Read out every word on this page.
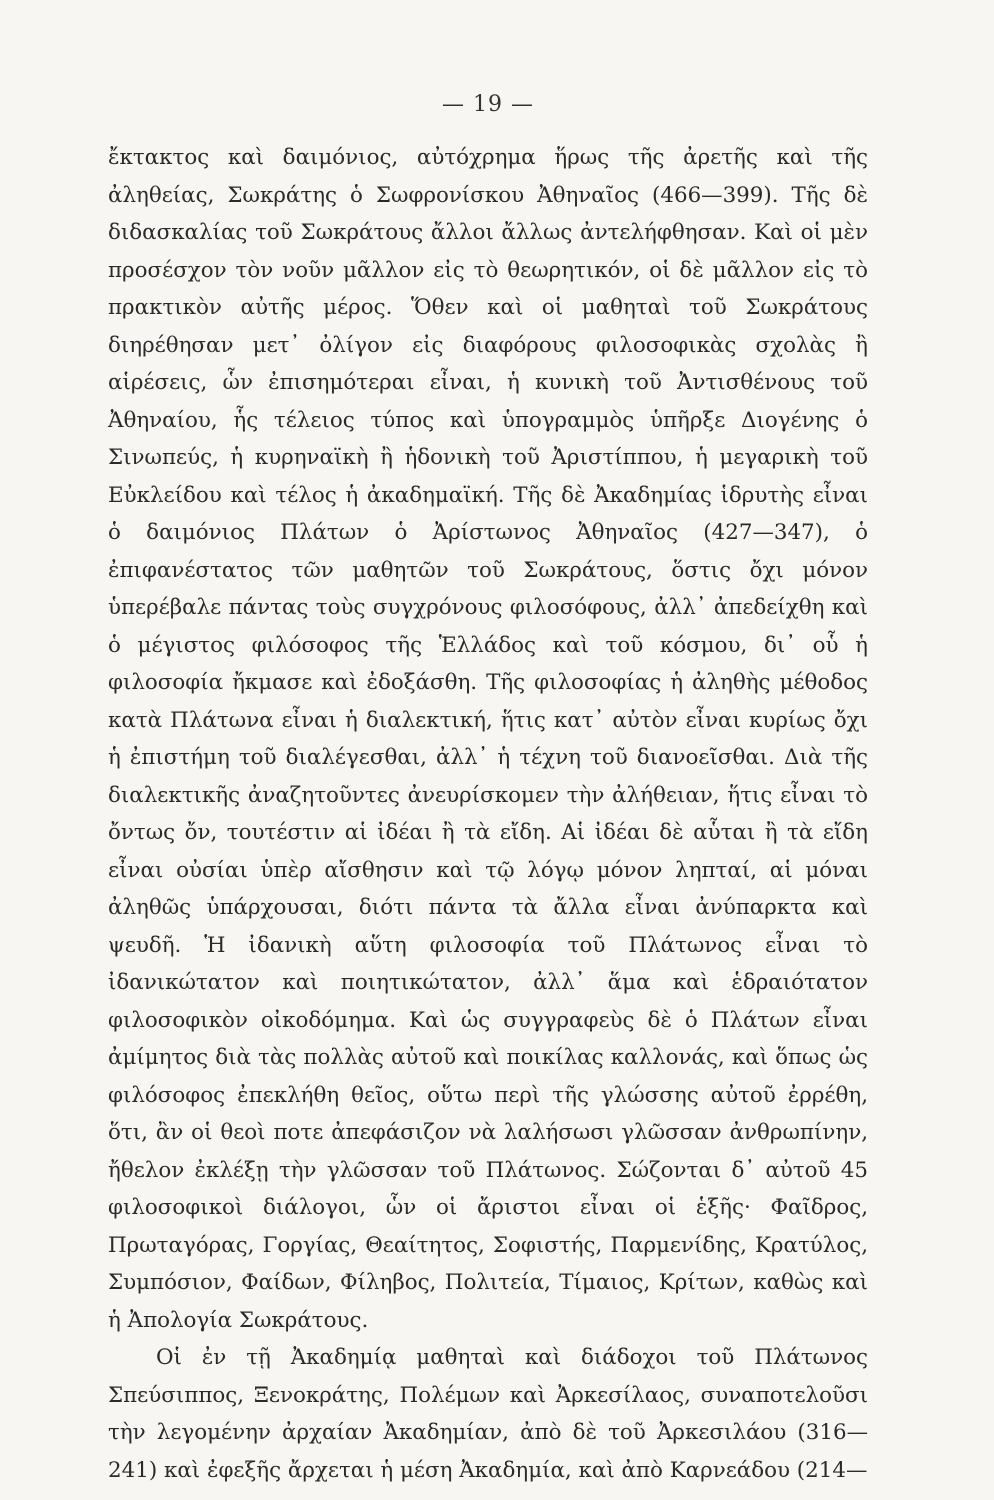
— 19 —

ἔκτακτος καὶ δαιμόνιος, αὐτόχρημα ἥρως τῆς ἀρετῆς καὶ τῆς ἀληθείας, Σωκράτης ὁ Σωφρονίσκου Ἀθηναῖος (466—399). Τῆς δὲ διδασκαλίας τοῦ Σωκράτους ἄλλοι ἄλλως ἀντελήφθησαν. Καὶ οἱ μὲν προσέσχον τὸν νοῦν μᾶλλον εἰς τὸ θεωρητικόν, οἱ δὲ μᾶλλον εἰς τὸ πρακτικὸν αὐτῆς μέρος. Ὅθεν καὶ οἱ μαθηταὶ τοῦ Σωκράτους διηρέθησαν μετ᾽ ὀλίγον εἰς διαφόρους φιλοσοφικὰς σχολὰς ἢ αἱρέσεις, ὧν ἐπισημότεραι εἶναι, ἡ κυνικὴ τοῦ Ἀντισθένους τοῦ Ἀθηναίου, ἧς τέλειος τύπος καὶ ὑπογραμμὸς ὑπῆρξε Διογένης ὁ Σινωπεύς, ἡ κυρηναϊκὴ ἢ ἡδονικὴ τοῦ Ἀριστίππου, ἡ μεγαρικὴ τοῦ Εὐκλείδου καὶ τέλος ἡ ἀκαδημαϊκή. Τῆς δὲ Ἀκαδημίας ἱδρυτὴς εἶναι ὁ δαιμόνιος Πλάτων ὁ Ἀρίστωνος Ἀθηναῖος (427—347), ὁ ἐπιφανέστατος τῶν μαθητῶν τοῦ Σωκράτους, ὅστις ὄχι μόνον ὑπερέβαλε πάντας τοὺς συγχρόνους φιλοσόφους, ἀλλ᾽ ἀπεδείχθη καὶ ὁ μέγιστος φιλόσοφος τῆς Ἑλλάδος καὶ τοῦ κόσμου, δι᾽ οὗ ἡ φιλοσοφία ἤκμασε καὶ ἐδοξάσθη. Τῆς φιλοσοφίας ἡ ἀληθὴς μέθοδος κατὰ Πλάτωνα εἶναι ἡ διαλεκτική, ἥτις κατ᾽ αὐτὸν εἶναι κυρίως ὄχι ἡ ἐπιστήμη τοῦ διαλέγεσθαι, ἀλλ᾽ ἡ τέχνη τοῦ διανοεῖσθαι. Διὰ τῆς διαλεκτικῆς ἀναζητοῦντες ἀνευρίσκομεν τὴν ἀλήθειαν, ἥτις εἶναι τὸ ὄντως ὄν, τουτέστιν αἱ ἰδέαι ἢ τὰ εἴδη. Αἱ ἰδέαι δὲ αὗται ἢ τὰ εἴδη εἶναι οὐσίαι ὑπὲρ αἴσθησιν καὶ τῷ λόγῳ μόνον ληπταί, αἱ μόναι ἀληθῶς ὑπάρχουσαι, διότι πάντα τὰ ἄλλα εἶναι ἀνύπαρκτα καὶ ψευδῆ. Ἡ ἰδανικὴ αὕτη φιλοσοφία τοῦ Πλάτωνος εἶναι τὸ ἰδανικώτατον καὶ ποιητικώτατον, ἀλλ᾽ ἅμα καὶ ἑδραιότατον φιλοσοφικὸν οἰκοδόμημα. Καὶ ὡς συγγραφεὺς δὲ ὁ Πλάτων εἶναι ἀμίμητος διὰ τὰς πολλὰς αὐτοῦ καὶ ποικίλας καλλονάς, καὶ ὅπως ὡς φιλόσοφος ἐπεκλήθη θεῖος, οὕτω περὶ τῆς γλώσσης αὐτοῦ ἐρρέθη, ὅτι, ἂν οἱ θεοὶ ποτε ἀπεφάσιζον νὰ λαλήσωσι γλῶσσαν ἀνθρωπίνην, ἤθελον ἐκλέξῃ τὴν γλῶσσαν τοῦ Πλάτωνος. Σώζονται δ᾽ αὐτοῦ 45 φιλοσοφικοὶ διάλογοι, ὧν οἱ ἄριστοι εἶναι οἱ ἑξῆς· Φαῖδρος, Πρωταγόρας, Γοργίας, Θεαίτητος, Σοφιστής, Παρμενίδης, Κρατύλος, Συμπόσιον, Φαίδων, Φίληβος, Πολιτεία, Τίμαιος, Κρίτων, καθὼς καὶ ἡ Ἀπολογία Σωκράτους.

Οἱ ἐν τῇ Ἀκαδημίᾳ μαθηταὶ καὶ διάδοχοι τοῦ Πλάτωνος Σπεύσιππος, Ξενοκράτης, Πολέμων καὶ Ἀρκεσίλαος, συναποτελοῦσι τὴν λεγομένην ἀρχαίαν Ἀκαδημίαν, ἀπὸ δὲ τοῦ Ἀρκεσιλάου (316—241) καὶ ἐφεξῆς ἄρχεται ἡ μέση Ἀκαδημία, καὶ ἀπὸ Καρνεάδου (214—
